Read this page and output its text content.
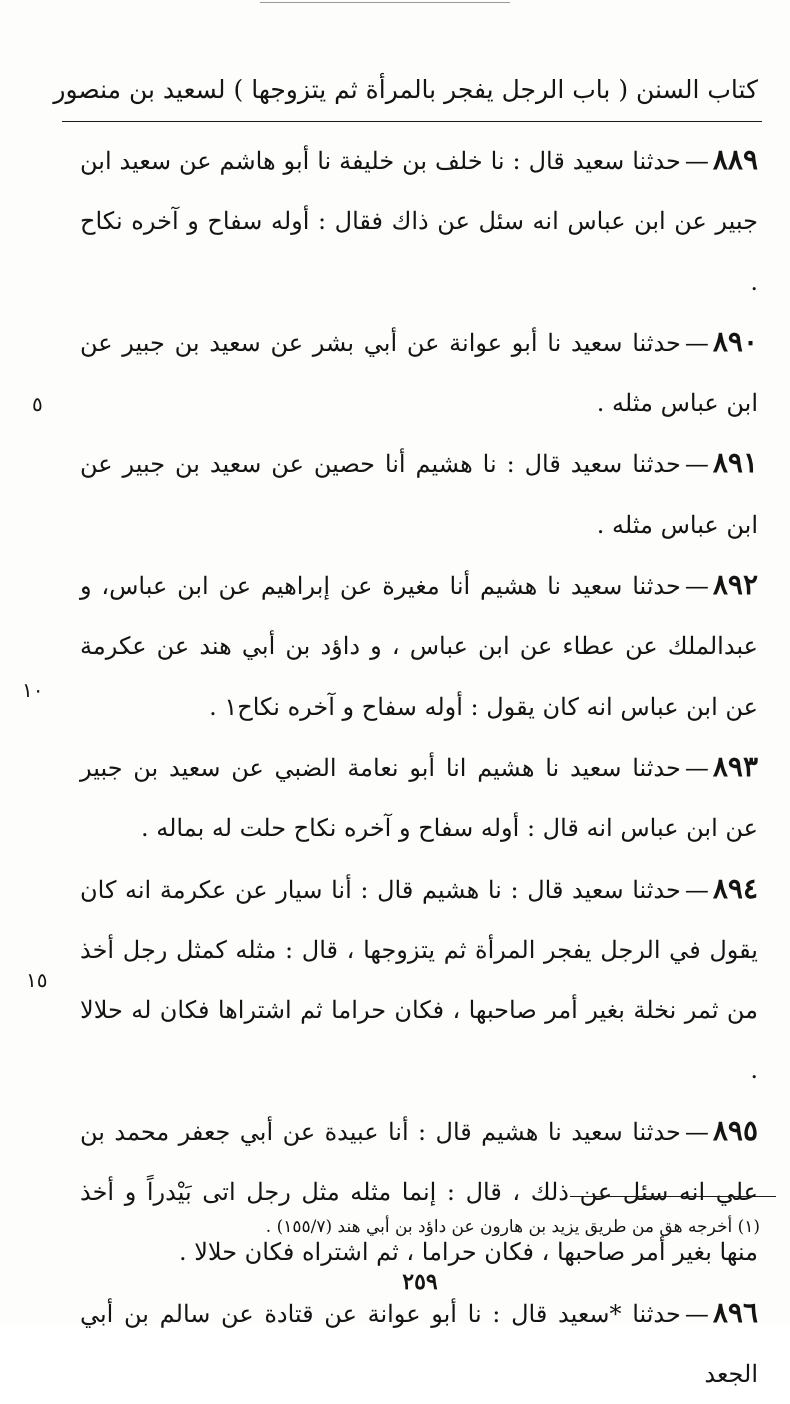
كتاب السنن ( باب الرجل يفجر بالمرأة ثم يتزوجها ) لسعيد بن منصور

٨٨٩—حدثنا سعيد قال : نا خلف بن خليفة نا أبو هاشم عن سعيد ابن جبير عن ابن عباس انه سئل عن ذاك فقال : أوله سفاح و آخره نكاح .

٨٩٠—حدثنا سعيد نا أبو عوانة عن أبي بشر عن سعيد بن جبير عن ابن عباس مثله .

٨٩١—حدثنا سعيد قال : نا هشيم أنا حصين عن سعيد بن جبير عن ابن عباس مثله .

٨٩٢—حدثنا سعيد نا هشيم أنا مغيرة عن إبراهيم عن ابن عباس، و عبدالملك عن عطاء عن ابن عباس ، و داؤد بن أبي هند عن عكرمة عن ابن عباس انه كان يقول : أوله سفاح و آخره نكاح١ .

٨٩٣—حدثنا سعيد نا هشيم انا أبو نعامة الضبي عن سعيد بن جبير عن ابن عباس انه قال : أوله سفاح و آخره نكاح حلت له بماله .

٨٩٤—حدثنا سعيد قال : نا هشيم قال : أنا سيار عن عكرمة انه كان يقول في الرجل يفجر المرأة ثم يتزوجها ، قال : مثله كمثل رجل أخذ من ثمر نخلة بغير أمر صاحبها ، فكان حراما ثم اشتراها فكان له حلالا .

٨٩٥—حدثنا سعيد نا هشيم قال : أنا عبيدة عن أبي جعفر محمد بن علي انه سئل عن ذلك ، قال : إنما مثله مثل رجل اتى بَيْدراً و أخذ منها بغير أمر صاحبها ، فكان حراما ، ثم اشتراه فكان حلالا .

٨٩٦—حدثنا *سعيد قال : نا أبو عوانة عن قتادة عن سالم بن أبي الجعد

٥
١٠
١٥
(١) أخرجه هق من طريق يزيد بن هارون عن داؤد بن أبي هند (١٥٥/٧) .
٢٥٩
